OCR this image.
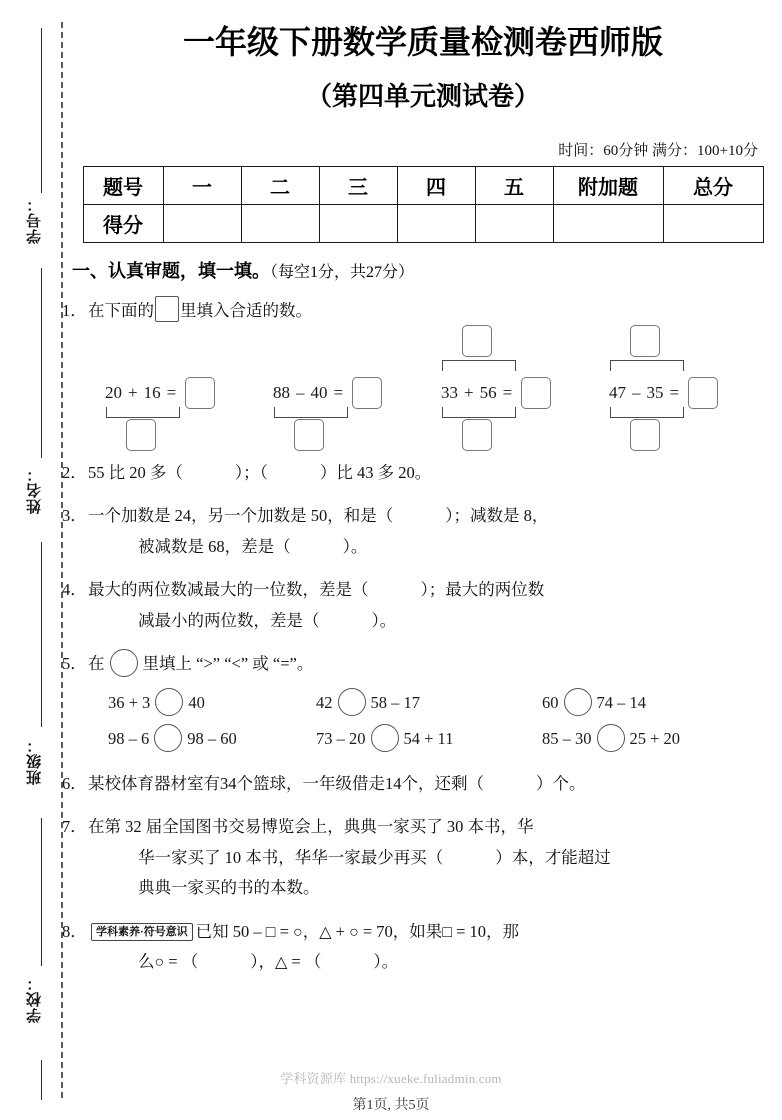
学号：
姓名：
班级：
学校：
一年级下册数学质量检测卷西师版
（第四单元测试卷）
时间：60分钟 满分：100+10分
题号	一	二	三	四	五	附加题	总分
得分							
一、认真审题，填一填。（每空1分，共27分）
1．在下面的 里填入合适的数。
20 + 16 =	88 – 40 =	33 + 56 =	47 – 35 =
2．55 比 20 多（	）；（	）比 43 多 20。
3．一个加数是 24，另一个加数是 50，和是（	）；减数是 8，
被减数是 68，差是（	）。
4．最大的两位数减最大的一位数，差是（	）；最大的两位数
减最小的两位数，差是（	）。
5．在 里填上 “>” “<” 或 “=”。
36 + 3 40	42 58 – 17	60 74 – 14
98 – 6 98 – 60	73 – 20 54 + 11	85 – 30 25 + 20
6．某校体育器材室有34个篮球，一年级借走14个，还剩（	）个。
7．在第 32 届全国图书交易博览会上，典典一家买了 30 本书，华
华一家买了 10 本书，华华一家最少再买（	）本，才能超过
典典一家买的书的本数。
8． 学科素养·符号意识 已知 50 – □ = ○，△ + ○ = 70，如果□ = 10，那
么○ = （	），△ = （	）。
学科资源库 https://xueke.fuliadmin.com
第1页, 共5页
